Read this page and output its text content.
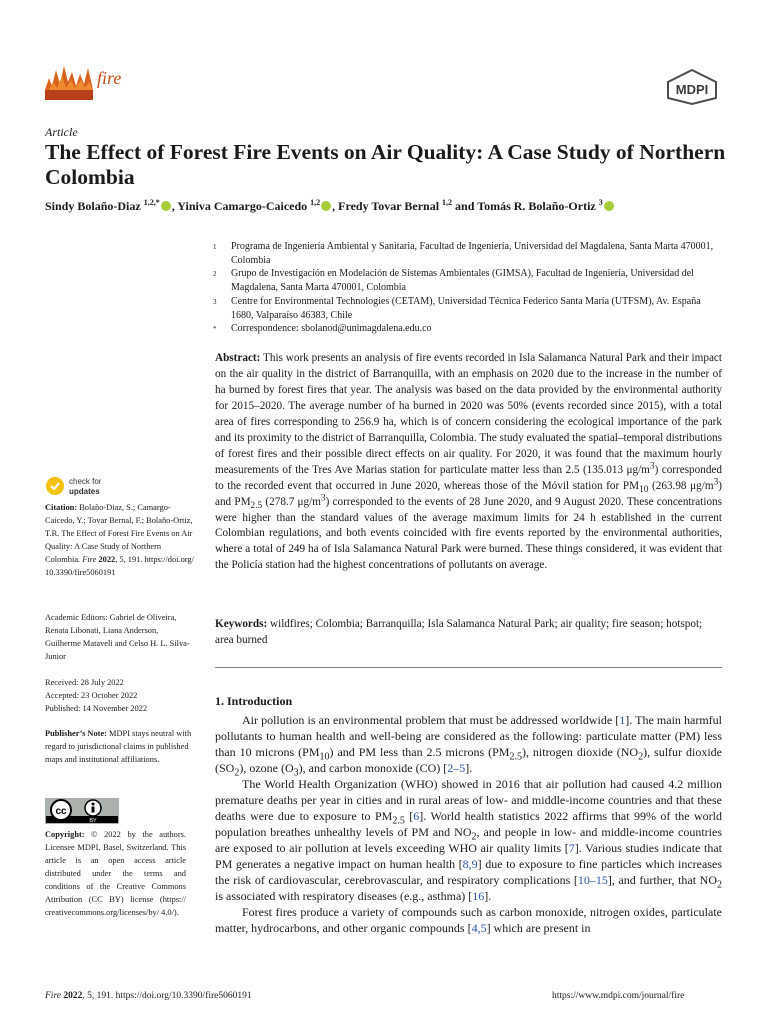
fire
MDPI
Article
The Effect of Forest Fire Events on Air Quality: A Case Study of Northern Colombia
Sindy Bolaño-Diaz $^{1,2,*}$ , Yiniva Camargo-Caicedo $^{1,2}$ , Fredy Tovar Bernal $^{1,2}$ and Tomás R. Bolaño-Ortiz $^3$
1	Programa de Ingeniería Ambiental y Sanitaria, Facultad de Ingeniería, Universidad del Magdalena, Santa Marta 470001, Colombia
2	Grupo de Investigación en Modelación de Sistemas Ambientales (GIMSA), Facultad de Ingeniería, Universidad del Magdalena, Santa Marta 470001, Colombia
3	Centre for Environmental Technologies (CETAM), Universidad Técnica Federico Santa María (UTFSM), Av. España 1680, Valparaíso 46383, Chile
*	Correspondence: sbolanod@unimagdalena.edu.co
Abstract: This work presents an analysis of fire events recorded in Isla Salamanca Natural Park and their impact on the air quality in the district of Barranquilla, with an emphasis on 2020 due to the increase in the number of ha burned by forest fires that year. The analysis was based on the data provided by the environmental authority for 2015–2020. The average number of ha burned in 2020 was 50% (events recorded since 2015), with a total area of fires corresponding to 256.9 ha, which is of concern considering the ecological importance of the park and its proximity to the district of Barranquilla, Colombia. The study evaluated the spatial–temporal distributions of forest fires and their possible direct effects on air quality. For 2020, it was found that the maximum hourly measurements of the Tres Ave Marias station for particulate matter less than 2.5 (135.013 $\mu g/m^3$) corresponded to the recorded event that occurred in June 2020, whereas those of the Móvil station for $PM_{10}$ (263.98 $\mu g/m^3$) and $PM_{2.5}$ (278.7 $\mu g/m^3$) corresponded to the events of 28 June 2020, and 9 August 2020. These concentrations were higher than the standard values of the average maximum limits for 24 h established in the current Colombian regulations, and both events coincided with fire events reported by the environmental authorities, where a total of 249 ha of Isla Salamanca Natural Park were burned. These things considered, it was evident that the Policía station had the highest concentrations of pollutants on average.
Keywords: wildfires; Colombia; Barranquilla; Isla Salamanca Natural Park; air quality; fire season; hotspot; area burned
1. Introduction

Air pollution is an environmental problem that must be addressed worldwide [1]. The main harmful pollutants to human health and well-being are considered as the following: particulate matter (PM) less than 10 microns $(PM_{10})$ and PM less than 2.5 microns $(PM_{2.5})$, nitrogen dioxide $(NO_2)$, sulfur dioxide $(SO_2)$, ozone $(O_3)$, and carbon monoxide (CO) [2–5].

The World Health Organization (WHO) showed in 2016 that air pollution had caused 4.2 million premature deaths per year in cities and in rural areas of low- and middle-income countries and that these deaths were due to exposure to $PM_{2.5}$ [6]. World health statistics 2022 affirms that 99% of the world population breathes unhealthy levels of PM and $NO_2$, and people in low- and middle-income countries are exposed to air pollution at levels exceeding WHO air quality limits [7]. Various studies indicate that PM generates a negative impact on human health [8,9] due to exposure to fine particles which increases the risk of cardiovascular, cerebrovascular, and respiratory complications [10–15], and further, that $NO_2$ is associated with respiratory diseases (e.g., asthma) [16].

Forest fires produce a variety of compounds such as carbon monoxide, nitrogen oxides, particulate matter, hydrocarbons, and other organic compounds [4,5] which are present in

check for
updates
Citation: Bolaño-Diaz, S.; Camargo-Caicedo, Y.; Tovar Bernal, F.; Bolaño-Ortiz, T.R. The Effect of Forest Fire Events on Air Quality: A Case Study of Northern Colombia. Fire 2022, 5, 191. https://doi.org/ 10.3390/fire5060191
Academic Editors: Gabriel de Oliveira, Renata Libonati, Liana Anderson, Guilherme Mataveli and Celso H. L. Silva-Junior
Received: 28 July 2022
Accepted: 23 October 2022
Published: 14 November 2022
Publisher’s Note: MDPI stays neutral with regard to jurisdictional claims in published maps and institutional affiliations.
cc
BY
Copyright: © 2022 by the authors. Licensee MDPI, Basel, Switzerland. This article is an open access article distributed under the terms and conditions of the Creative Commons Attribution (CC BY) license (https:// creativecommons.org/licenses/by/ 4.0/).
Fire 2022, 5, 191. https://doi.org/10.3390/fire5060191	https://www.mdpi.com/journal/fire
